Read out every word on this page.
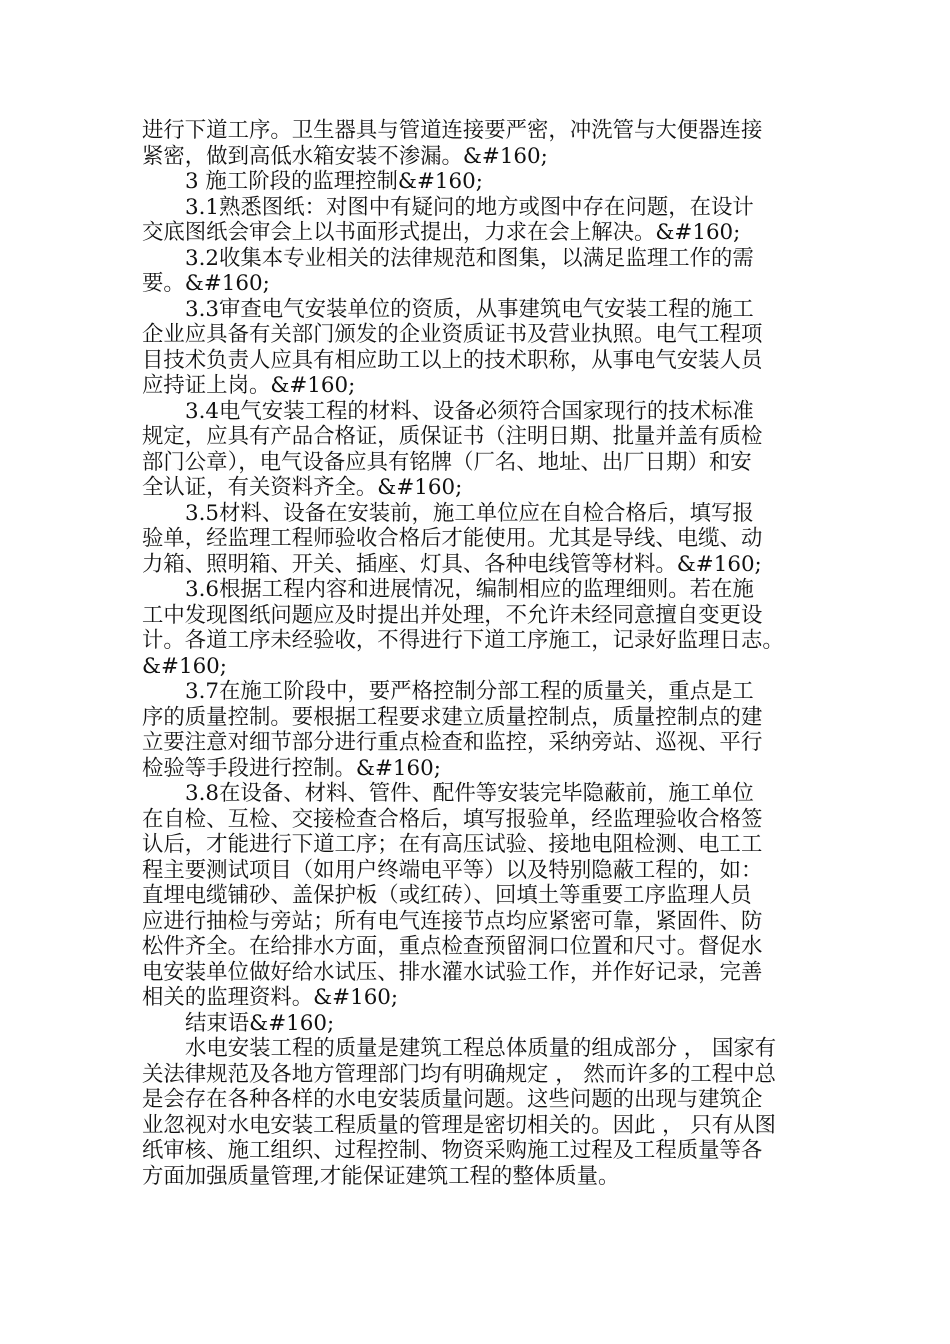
进行下道工序。卫生器具与管道连接要严密，冲洗管与大便器连接
紧密，做到高低水箱安装不渗漏。&#160;
3 施工阶段的监理控制&#160;
3.1熟悉图纸：对图中有疑问的地方或图中存在问题，在设计
交底图纸会审会上以书面形式提出，力求在会上解决。&#160;
3.2收集本专业相关的法律规范和图集，以满足监理工作的需
要。&#160;
3.3审查电气安装单位的资质，从事建筑电气安装工程的施工
企业应具备有关部门颁发的企业资质证书及营业执照。电气工程项
目技术负责人应具有相应助工以上的技术职称，从事电气安装人员
应持证上岗。&#160;
3.4电气安装工程的材料、设备必须符合国家现行的技术标准
规定，应具有产品合格证，质保证书（注明日期、批量并盖有质检
部门公章），电气设备应具有铭牌（厂名、地址、出厂日期）和安
全认证，有关资料齐全。&#160;
3.5材料、设备在安装前，施工单位应在自检合格后，填写报
验单，经监理工程师验收合格后才能使用。尤其是导线、电缆、动
力箱、照明箱、开关、插座、灯具、各种电线管等材料。&#160;
3.6根据工程内容和进展情况，编制相应的监理细则。若在施
工中发现图纸问题应及时提出并处理，不允许未经同意擅自变更设
计。各道工序未经验收，不得进行下道工序施工，记录好监理日志。
&#160;
3.7在施工阶段中，要严格控制分部工程的质量关，重点是工
序的质量控制。要根据工程要求建立质量控制点，质量控制点的建
立要注意对细节部分进行重点检查和监控，采纳旁站、巡视、平行
检验等手段进行控制。&#160;
3.8在设备、材料、管件、配件等安装完毕隐蔽前，施工单位
在自检、互检、交接检查合格后，填写报验单，经监理验收合格签
认后，才能进行下道工序；在有高压试验、接地电阻检测、电工工
程主要测试项目（如用户终端电平等）以及特别隐蔽工程的，如：
直埋电缆铺砂、盖保护板（或红砖）、回填土等重要工序监理人员
应进行抽检与旁站；所有电气连接节点均应紧密可靠，紧固件、防
松件齐全。在给排水方面，重点检查预留洞口位置和尺寸。督促水
电安装单位做好给水试压、排水灌水试验工作，并作好记录，完善
相关的监理资料。&#160;
结束语&#160;
水电安装工程的质量是建筑工程总体质量的组成部分 ， 国家有
关法律规范及各地方管理部门均有明确规定 ， 然而许多的工程中总
是会存在各种各样的水电安装质量问题。这些问题的出现与建筑企
业忽视对水电安装工程质量的管理是密切相关的。因此 ， 只有从图
纸审核、施工组织、过程控制、物资采购施工过程及工程质量等各
方面加强质量管理,才能保证建筑工程的整体质量。
